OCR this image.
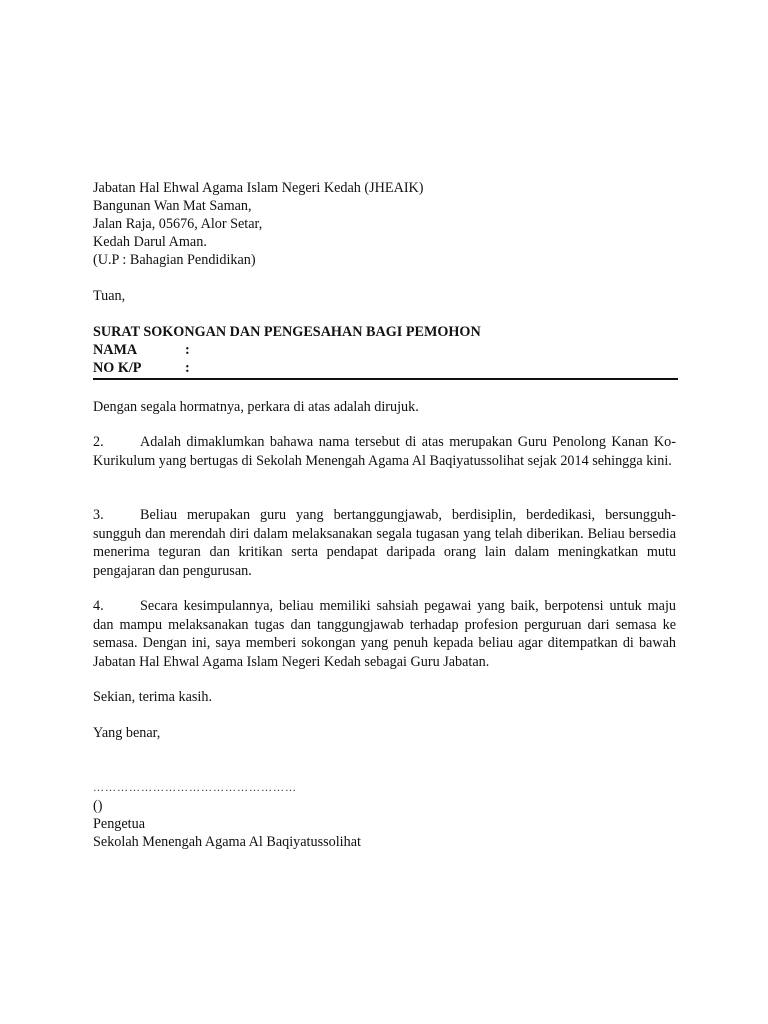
Jabatan Hal Ehwal Agama Islam Negeri Kedah (JHEAIK)
Bangunan Wan Mat Saman,
Jalan Raja, 05676, Alor Setar,
Kedah Darul Aman.
(U.P : Bahagian Pendidikan)
Tuan,
SURAT SOKONGAN DAN PENGESAHAN BAGI PEMOHON
NAMA	:
NO K/P	:
Dengan segala hormatnya, perkara di atas adalah dirujuk.
2.	Adalah dimaklumkan bahawa nama tersebut di atas merupakan Guru Penolong Kanan Ko-Kurikulum yang bertugas di Sekolah Menengah Agama Al Baqiyatussolihat sejak 2014 sehingga kini.
3.	Beliau merupakan guru yang bertanggungjawab, berdisiplin, berdedikasi, bersungguh-sungguh dan merendah diri dalam melaksanakan segala tugasan yang telah diberikan. Beliau bersedia menerima teguran dan kritikan serta pendapat daripada orang lain dalam meningkatkan mutu pengajaran dan pengurusan.
4.	Secara kesimpulannya, beliau memiliki sahsiah pegawai yang baik, berpotensi untuk maju dan mampu melaksanakan tugas dan tanggungjawab terhadap profesion perguruan dari semasa ke semasa. Dengan ini, saya memberi sokongan yang penuh kepada beliau agar ditempatkan di bawah Jabatan Hal Ehwal Agama Islam Negeri Kedah sebagai Guru Jabatan.
Sekian, terima kasih.
Yang benar,
……………………………………………
()
Pengetua
Sekolah Menengah Agama Al Baqiyatussolihat
